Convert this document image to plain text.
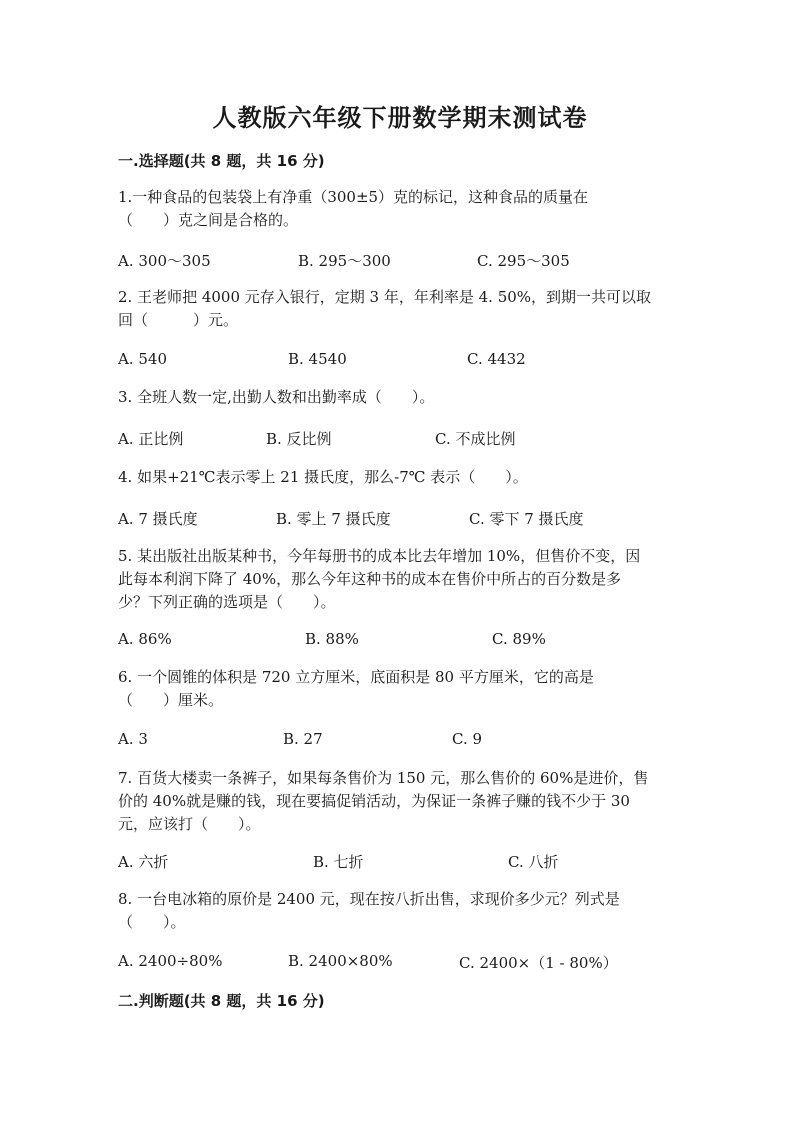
人教版六年级下册数学期末测试卷
一.选择题(共 8 题，共 16 分)

1.一种食品的包装袋上有净重（300±5）克的标记，这种食品的质量在

（　　）克之间是合格的。

A. 300～305	B. 295～300	C. 295～305

2. 王老师把 4000 元存入银行，定期 3 年，年利率是 4. 50%，到期一共可以取

回（　　　）元。

A. 540	B. 4540	C. 4432

3. 全班人数一定,出勤人数和出勤率成（　　）。

A. 正比例	B. 反比例	C. 不成比例

4. 如果+21℃表示零上 21 摄氏度，那么-7℃ 表示（　　）。

A. 7 摄氏度	B. 零上 7 摄氏度	C. 零下 7 摄氏度

5. 某出版社出版某种书，今年每册书的成本比去年增加 10%，但售价不变，因

此每本利润下降了 40%，那么今年这种书的成本在售价中所占的百分数是多

少？下列正确的选项是（　　）。

A. 86%	B. 88%	C. 89%

6. 一个圆锥的体积是 720 立方厘米，底面积是 80 平方厘米，它的高是

（　　）厘米。

A. 3	B. 27	C. 9

7. 百货大楼卖一条裤子，如果每条售价为 150 元，那么售价的 60%是进价，售

价的 40%就是赚的钱，现在要搞促销活动，为保证一条裤子赚的钱不少于 30

元，应该打（　　）。

A. 六折	B. 七折	C. 八折

8. 一台电冰箱的原价是 2400 元，现在按八折出售，求现价多少元？列式是

（　　）。

A. 2400÷80%	B. 2400×80%	C. 2400×（1 - 80%）
二.判断题(共 8 题，共 16 分)
